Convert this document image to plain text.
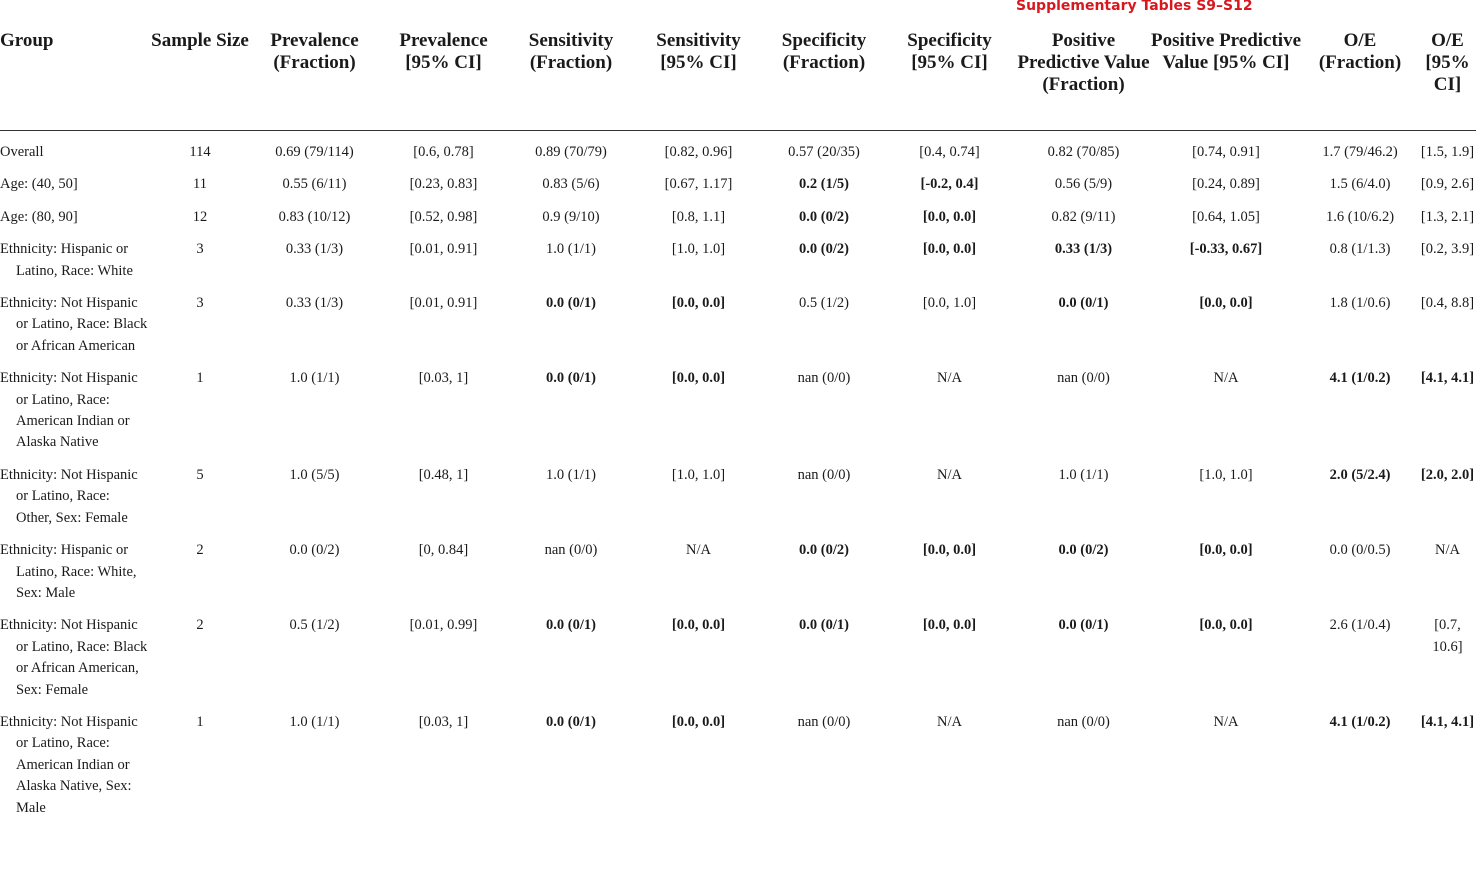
Supplementary Tables S9–S12
Group	Sample Size	Prevalence (Fraction)	Prevalence [95% CI]	Sensitivity (Fraction)	Sensitivity [95% CI]	Specificity (Fraction)	Specificity [95% CI]	Positive Predictive Value (Fraction)	Positive Predictive Value [95% CI]	O/E (Fraction)	O/E [95% CI]
Overall	114	0.69 (79/114)	[0.6, 0.78]	0.89 (70/79)	[0.82, 0.96]	0.57 (20/35)	[0.4, 0.74]	0.82 (70/85)	[0.74, 0.91]	1.7 (79/46.2)	[1.5, 1.9]
Age: (40, 50]	11	0.55 (6/11)	[0.23, 0.83]	0.83 (5/6)	[0.67, 1.17]	0.2 (1/5)	[-0.2, 0.4]	0.56 (5/9)	[0.24, 0.89]	1.5 (6/4.0)	[0.9, 2.6]
Age: (80, 90]	12	0.83 (10/12)	[0.52, 0.98]	0.9 (9/10)	[0.8, 1.1]	0.0 (0/2)	[0.0, 0.0]	0.82 (9/11)	[0.64, 1.05]	1.6 (10/6.2)	[1.3, 2.1]
Ethnicity: Hispanic or Latino, Race: White	3	0.33 (1/3)	[0.01, 0.91]	1.0 (1/1)	[1.0, 1.0]	0.0 (0/2)	[0.0, 0.0]	0.33 (1/3)	[-0.33, 0.67]	0.8 (1/1.3)	[0.2, 3.9]
Ethnicity: Not Hispanic or Latino, Race: Black or African American	3	0.33 (1/3)	[0.01, 0.91]	0.0 (0/1)	[0.0, 0.0]	0.5 (1/2)	[0.0, 1.0]	0.0 (0/1)	[0.0, 0.0]	1.8 (1/0.6)	[0.4, 8.8]
Ethnicity: Not Hispanic or Latino, Race: American Indian or Alaska Native	1	1.0 (1/1)	[0.03, 1]	0.0 (0/1)	[0.0, 0.0]	nan (0/0)	N/A	nan (0/0)	N/A	4.1 (1/0.2)	[4.1, 4.1]
Ethnicity: Not Hispanic or Latino, Race: Other, Sex: Female	5	1.0 (5/5)	[0.48, 1]	1.0 (1/1)	[1.0, 1.0]	nan (0/0)	N/A	1.0 (1/1)	[1.0, 1.0]	2.0 (5/2.4)	[2.0, 2.0]
Ethnicity: Hispanic or Latino, Race: White, Sex: Male	2	0.0 (0/2)	[0, 0.84]	nan (0/0)	N/A	0.0 (0/2)	[0.0, 0.0]	0.0 (0/2)	[0.0, 0.0]	0.0 (0/0.5)	N/A
Ethnicity: Not Hispanic or Latino, Race: Black or African American, Sex: Female	2	0.5 (1/2)	[0.01, 0.99]	0.0 (0/1)	[0.0, 0.0]	0.0 (0/1)	[0.0, 0.0]	0.0 (0/1)	[0.0, 0.0]	2.6 (1/0.4)	[0.7, 10.6]
Ethnicity: Not Hispanic or Latino, Race: American Indian or Alaska Native, Sex: Male	1	1.0 (1/1)	[0.03, 1]	0.0 (0/1)	[0.0, 0.0]	nan (0/0)	N/A	nan (0/0)	N/A	4.1 (1/0.2)	[4.1, 4.1]
